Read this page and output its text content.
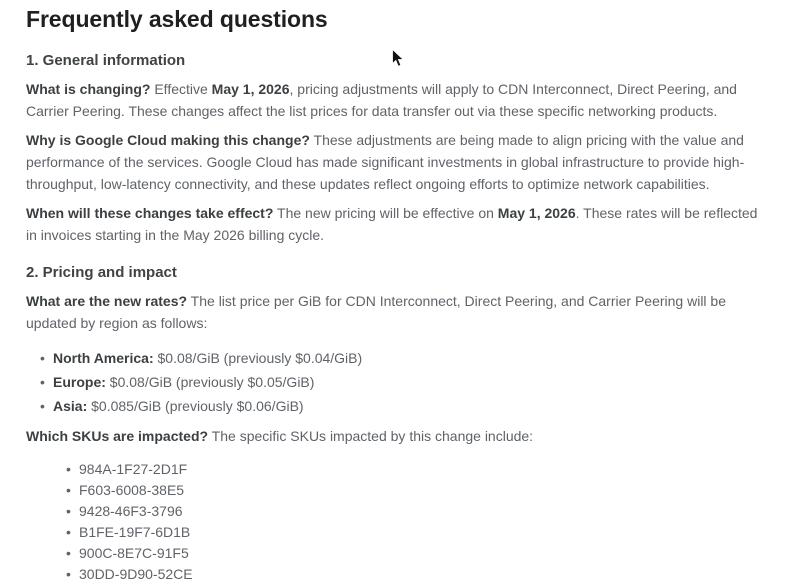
Frequently asked questions
1. General information

What is changing? Effective May 1, 2026, pricing adjustments will apply to CDN Interconnect, Direct Peering, and Carrier Peering. These changes affect the list prices for data transfer out via these specific networking products.

Why is Google Cloud making this change? These adjustments are being made to align pricing with the value and performance of the services. Google Cloud has made significant investments in global infrastructure to provide high-throughput, low-latency connectivity, and these updates reflect ongoing efforts to optimize network capabilities.

When will these changes take effect? The new pricing will be effective on May 1, 2026. These rates will be reflected in invoices starting in the May 2026 billing cycle.

2. Pricing and impact

What are the new rates? The list price per GiB for CDN Interconnect, Direct Peering, and Carrier Peering will be updated by region as follows:

• North America: $0.08/GiB (previously $0.04/GiB)
• Europe: $0.08/GiB (previously $0.05/GiB)
• Asia: $0.085/GiB (previously $0.06/GiB)

Which SKUs are impacted? The specific SKUs impacted by this change include:

• 984A-1F27-2D1F
• F603-6008-38E5
• 9428-46F3-3796
• B1FE-19F7-6D1B
• 900C-8E7C-91F5
• 30DD-9D90-52CE
